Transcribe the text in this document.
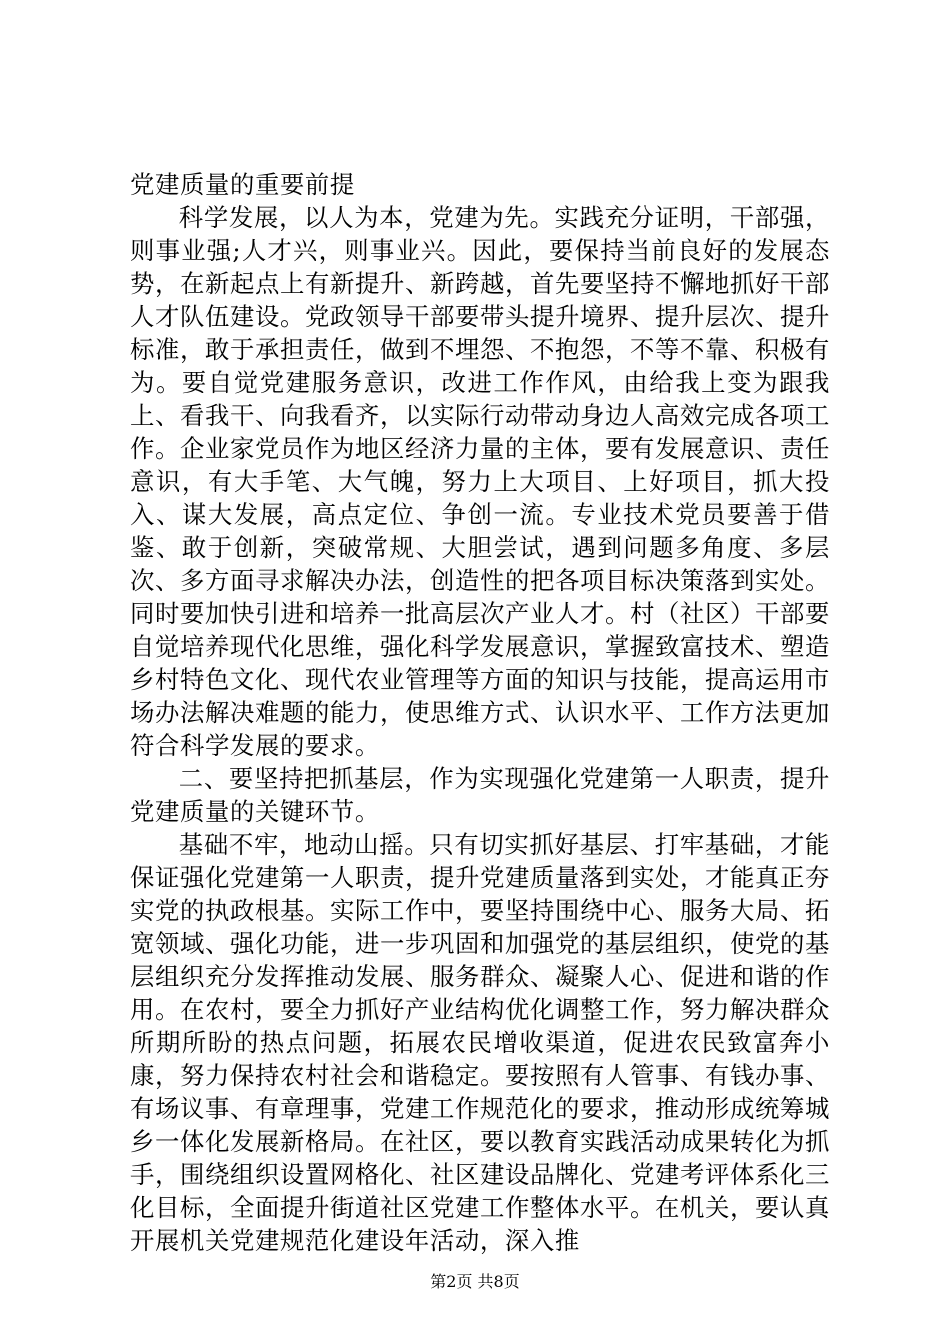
党建质量的重要前提

科学发展，以人为本，党建为先。实践充分证明，干部强，则事业强;人才兴，则事业兴。因此，要保持当前良好的发展态势，在新起点上有新提升、新跨越，首先要坚持不懈地抓好干部人才队伍建设。党政领导干部要带头提升境界、提升层次、提升标准，敢于承担责任，做到不埋怨、不抱怨，不等不靠、积极有为。要自觉党建服务意识，改进工作作风，由给我上变为跟我上、看我干、向我看齐，以实际行动带动身边人高效完成各项工作。企业家党员作为地区经济力量的主体，要有发展意识、责任意识，有大手笔、大气魄，努力上大项目、上好项目，抓大投入、谋大发展，高点定位、争创一流。专业技术党员要善于借鉴、敢于创新，突破常规、大胆尝试，遇到问题多角度、多层次、多方面寻求解决办法，创造性的把各项目标决策落到实处。同时要加快引进和培养一批高层次产业人才。村（社区）干部要自觉培养现代化思维，强化科学发展意识，掌握致富技术、塑造乡村特色文化、现代农业管理等方面的知识与技能，提高运用市场办法解决难题的能力，使思维方式、认识水平、工作方法更加符合科学发展的要求。

二、要坚持把抓基层，作为实现强化党建第一人职责，提升党建质量的关键环节。

基础不牢，地动山摇。只有切实抓好基层、打牢基础，才能保证强化党建第一人职责，提升党建质量落到实处，才能真正夯实党的执政根基。实际工作中，要坚持围绕中心、服务大局、拓宽领域、强化功能，进一步巩固和加强党的基层组织，使党的基层组织充分发挥推动发展、服务群众、凝聚人心、促进和谐的作用。在农村，要全力抓好产业结构优化调整工作，努力解决群众所期所盼的热点问题，拓展农民增收渠道，促进农民致富奔小康，努力保持农村社会和谐稳定。要按照有人管事、有钱办事、有场议事、有章理事，党建工作规范化的要求，推动形成统筹城乡一体化发展新格局。在社区，要以教育实践活动成果转化为抓手，围绕组织设置网格化、社区建设品牌化、党建考评体系化三化目标，全面提升街道社区党建工作整体水平。在机关，要认真开展机关党建规范化建设年活动，深入推

第2页 共8页
